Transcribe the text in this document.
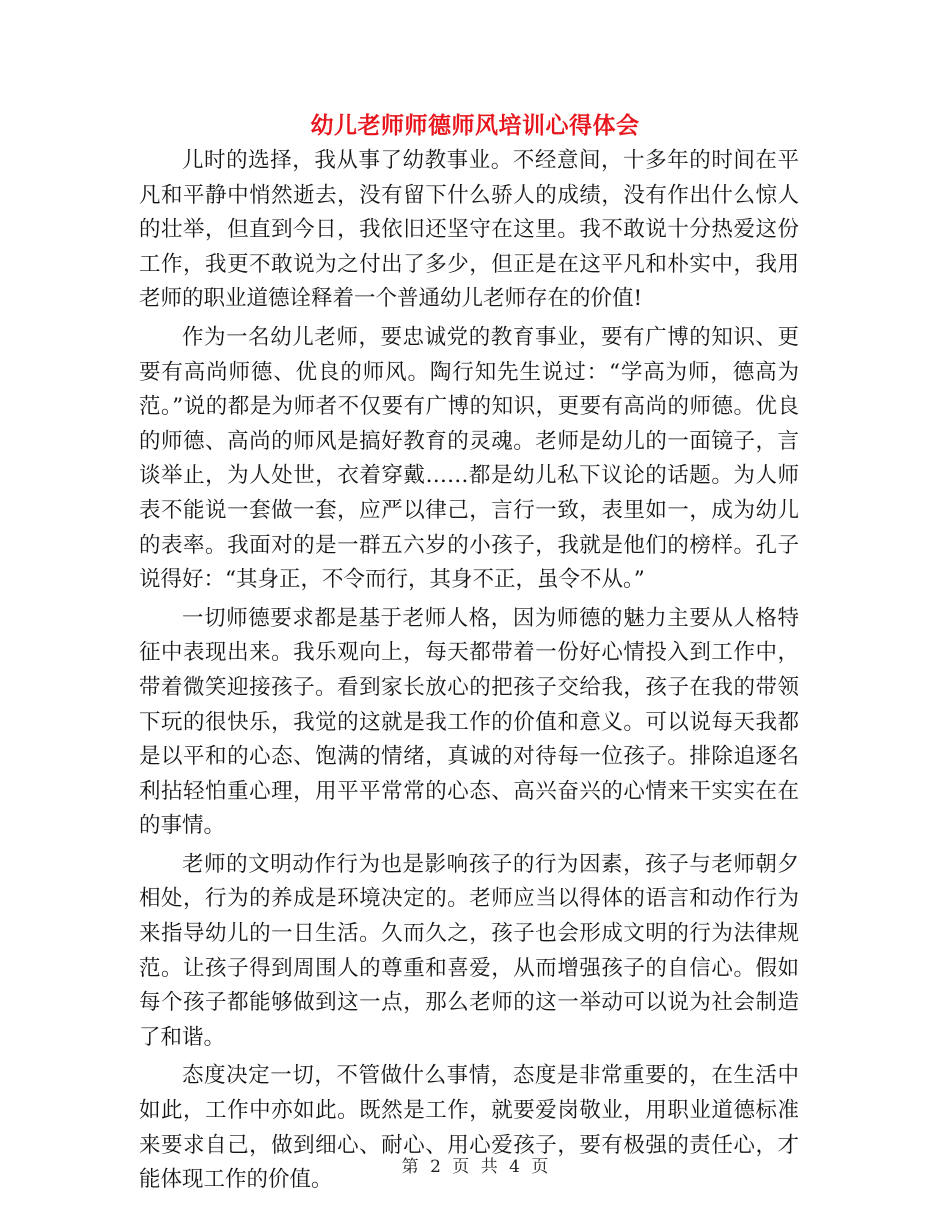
幼儿老师师德师风培训心得体会

儿时的选择，我从事了幼教事业。不经意间，十多年的时间在平凡和平静中悄然逝去，没有留下什么骄人的成绩，没有作出什么惊人的壮举，但直到今日，我依旧还坚守在这里。我不敢说十分热爱这份工作，我更不敢说为之付出了多少，但正是在这平凡和朴实中，我用老师的职业道德诠释着一个普通幼儿老师存在的价值!

作为一名幼儿老师，要忠诚党的教育事业，要有广博的知识、更要有高尚师德、优良的师风。陶行知先生说过：“学高为师，德高为范。”说的都是为师者不仅要有广博的知识，更要有高尚的师德。优良的师德、高尚的师风是搞好教育的灵魂。老师是幼儿的一面镜子，言谈举止，为人处世，衣着穿戴……都是幼儿私下议论的话题。为人师表不能说一套做一套，应严以律己，言行一致，表里如一，成为幼儿的表率。我面对的是一群五六岁的小孩子，我就是他们的榜样。孔子说得好：“其身正，不令而行，其身不正，虽令不从。”

一切师德要求都是基于老师人格，因为师德的魅力主要从人格特征中表现出来。我乐观向上，每天都带着一份好心情投入到工作中，带着微笑迎接孩子。看到家长放心的把孩子交给我，孩子在我的带领下玩的很快乐，我觉的这就是我工作的价值和意义。可以说每天我都是以平和的心态、饱满的情绪，真诚的对待每一位孩子。排除追逐名利拈轻怕重心理，用平平常常的心态、高兴奋兴的心情来干实实在在的事情。

老师的文明动作行为也是影响孩子的行为因素，孩子与老师朝夕相处，行为的养成是环境决定的。老师应当以得体的语言和动作行为来指导幼儿的一日生活。久而久之，孩子也会形成文明的行为法律规范。让孩子得到周围人的尊重和喜爱，从而增强孩子的自信心。假如每个孩子都能够做到这一点，那么老师的这一举动可以说为社会制造了和谐。

态度决定一切，不管做什么事情，态度是非常重要的，在生活中如此，工作中亦如此。既然是工作，就要爱岗敬业，用职业道德标准来要求自己，做到细心、耐心、用心爱孩子，要有极强的责任心，才能体现工作的价值。

第 2 页 共 4 页
